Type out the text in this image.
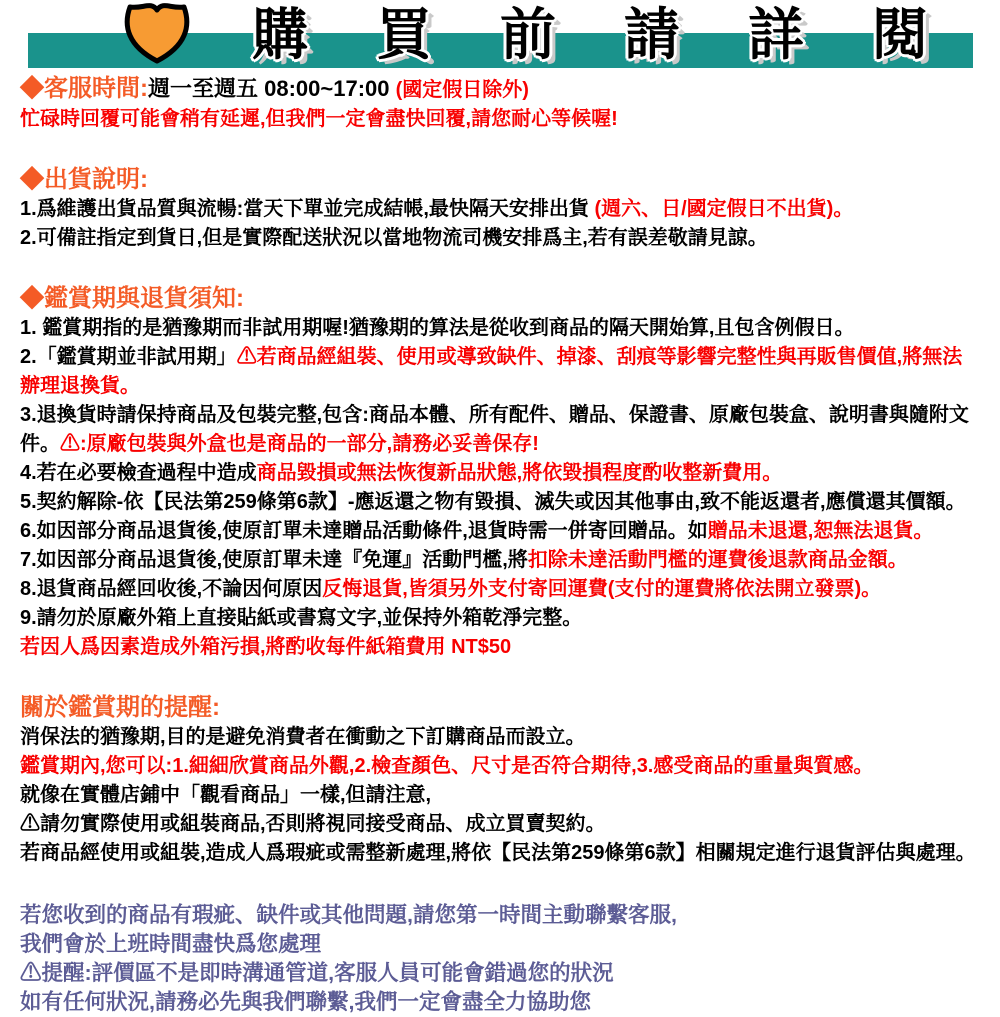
購　買　前　請　詳　閱

◆客服時間:週一至週五 08:00~17:00 (國定假日除外)

忙碌時回覆可能會稍有延遲,但我們一定會盡快回覆,請您耐心等候喔!

◆出貨說明:

1.爲維護出貨品質與流暢:當天下單並完成結帳,最快隔天安排出貨 (週六、日/國定假日不出貨)。

2.可備註指定到貨日,但是實際配送狀況以當地物流司機安排爲主,若有誤差敬請見諒。

◆鑑賞期與退貨須知:

1. 鑑賞期指的是猶豫期而非試用期喔!猶豫期的算法是從收到商品的隔天開始算,且包含例假日。

2.「鑑賞期並非試用期」⚠若商品經組裝、使用或導致缺件、掉漆、刮痕等影響完整性與再販售價值,將無法辦理退換貨。

3.退換貨時請保持商品及包裝完整,包含:商品本體、所有配件、贈品、保證書、原廠包裝盒、說明書與隨附文件。⚠:原廠包裝與外盒也是商品的一部分,請務必妥善保存!

4.若在必要檢查過程中造成商品毀損或無法恢復新品狀態,將依毀損程度酌收整新費用。

5.契約解除-依【民法第259條第6款】-應返還之物有毀損、滅失或因其他事由,致不能返還者,應償還其價額。

6.如因部分商品退貨後,使原訂單未達贈品活動條件,退貨時需一併寄回贈品。如贈品未退還,恕無法退貨。

7.如因部分商品退貨後,使原訂單未達『免運』活動門檻,將扣除未達活動門檻的運費後退款商品金額。

8.退貨商品經回收後,不論因何原因反悔退貨,皆須另外支付寄回運費(支付的運費將依法開立發票)。

9.請勿於原廠外箱上直接貼紙或書寫文字,並保持外箱乾淨完整。

若因人爲因素造成外箱污損,將酌收每件紙箱費用 NT$50

關於鑑賞期的提醒:

消保法的猶豫期,目的是避免消費者在衝動之下訂購商品而設立。

鑑賞期內,您可以:1.細細欣賞商品外觀,2.檢查顏色、尺寸是否符合期待,3.感受商品的重量與質感。

就像在實體店鋪中「觀看商品」一樣,但請注意,

⚠請勿實際使用或組裝商品,否則將視同接受商品、成立買賣契約。

若商品經使用或組裝,造成人爲瑕疵或需整新處理,將依【民法第259條第6款】相關規定進行退貨評估與處理。

若您收到的商品有瑕疵、缺件或其他問題,請您第一時間主動聯繫客服,

我們會於上班時間盡快爲您處理

⚠提醒:評價區不是即時溝通管道,客服人員可能會錯過您的狀況

如有任何狀況,請務必先與我們聯繫,我們一定會盡全力協助您
